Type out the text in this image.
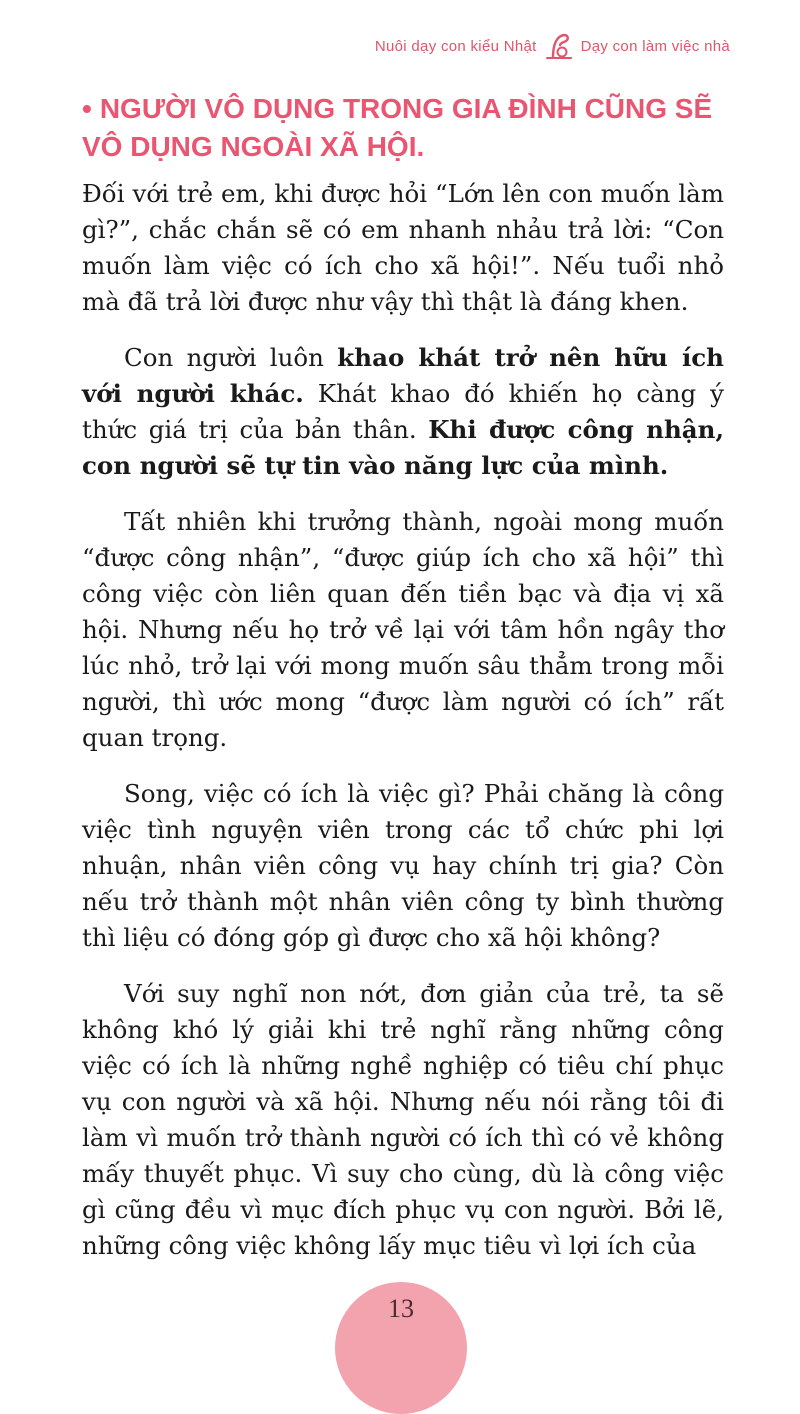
Nuôi dạy con kiểu Nhật	Dạy con làm việc nhà
• NGƯỜI VÔ DỤNG TRONG GIA ĐÌNH CŨNG SẼ VÔ DỤNG NGOÀI XÃ HỘI.

Đối với trẻ em, khi được hỏi “Lớn lên con muốn làm gì?”, chắc chắn sẽ có em nhanh nhảu trả lời: “Con muốn làm việc có ích cho xã hội!”. Nếu tuổi nhỏ mà đã trả lời được như vậy thì thật là đáng khen.

Con người luôn khao khát trở nên hữu ích với người khác. Khát khao đó khiến họ càng ý thức giá trị của bản thân. Khi được công nhận, con người sẽ tự tin vào năng lực của mình.

Tất nhiên khi trưởng thành, ngoài mong muốn “được công nhận”, “được giúp ích cho xã hội” thì công việc còn liên quan đến tiền bạc và địa vị xã hội. Nhưng nếu họ trở về lại với tâm hồn ngây thơ lúc nhỏ, trở lại với mong muốn sâu thẳm trong mỗi người, thì ước mong “được làm người có ích” rất quan trọng.

Song, việc có ích là việc gì? Phải chăng là công việc tình nguyện viên trong các tổ chức phi lợi nhuận, nhân viên công vụ hay chính trị gia? Còn nếu trở thành một nhân viên công ty bình thường thì liệu có đóng góp gì được cho xã hội không?

Với suy nghĩ non nớt, đơn giản của trẻ, ta sẽ không khó lý giải khi trẻ nghĩ rằng những công việc có ích là những nghề nghiệp có tiêu chí phục vụ con người và xã hội. Nhưng nếu nói rằng tôi đi làm vì muốn trở thành người có ích thì có vẻ không mấy thuyết phục. Vì suy cho cùng, dù là công việc gì cũng đều vì mục đích phục vụ con người. Bởi lẽ, những công việc không lấy mục tiêu vì lợi ích của

13
